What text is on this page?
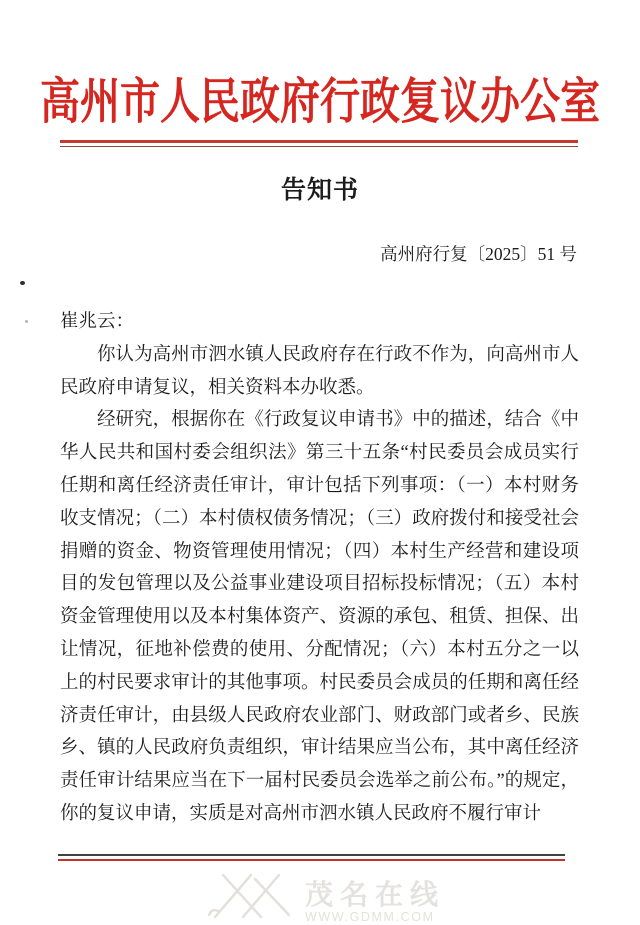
高州市人民政府行政复议办公室
告知书
高州府行复〔2025〕51 号

崔兆云：

你认为高州市泗水镇人民政府存在行政不作为，向高州市人民政府申请复议，相关资料本办收悉。

经研究，根据你在《行政复议申请书》中的描述，结合《中华人民共和国村委会组织法》第三十五条“村民委员会成员实行任期和离任经济责任审计，审计包括下列事项：（一）本村财务收支情况；（二）本村债权债务情况；（三）政府拨付和接受社会捐赠的资金、物资管理使用情况；（四）本村生产经营和建设项目的发包管理以及公益事业建设项目招标投标情况；（五）本村资金管理使用以及本村集体资产、资源的承包、租赁、担保、出让情况，征地补偿费的使用、分配情况；（六）本村五分之一以上的村民要求审计的其他事项。村民委员会成员的任期和离任经济责任审计，由县级人民政府农业部门、财政部门或者乡、民族乡、镇的人民政府负责组织，审计结果应当公布，其中离任经济责任审计结果应当在下一届村民委员会选举之前公布。”的规定，你的复议申请，实质是对高州市泗水镇人民政府不履行审计

茂名在线
WWW.GDMM.COM
